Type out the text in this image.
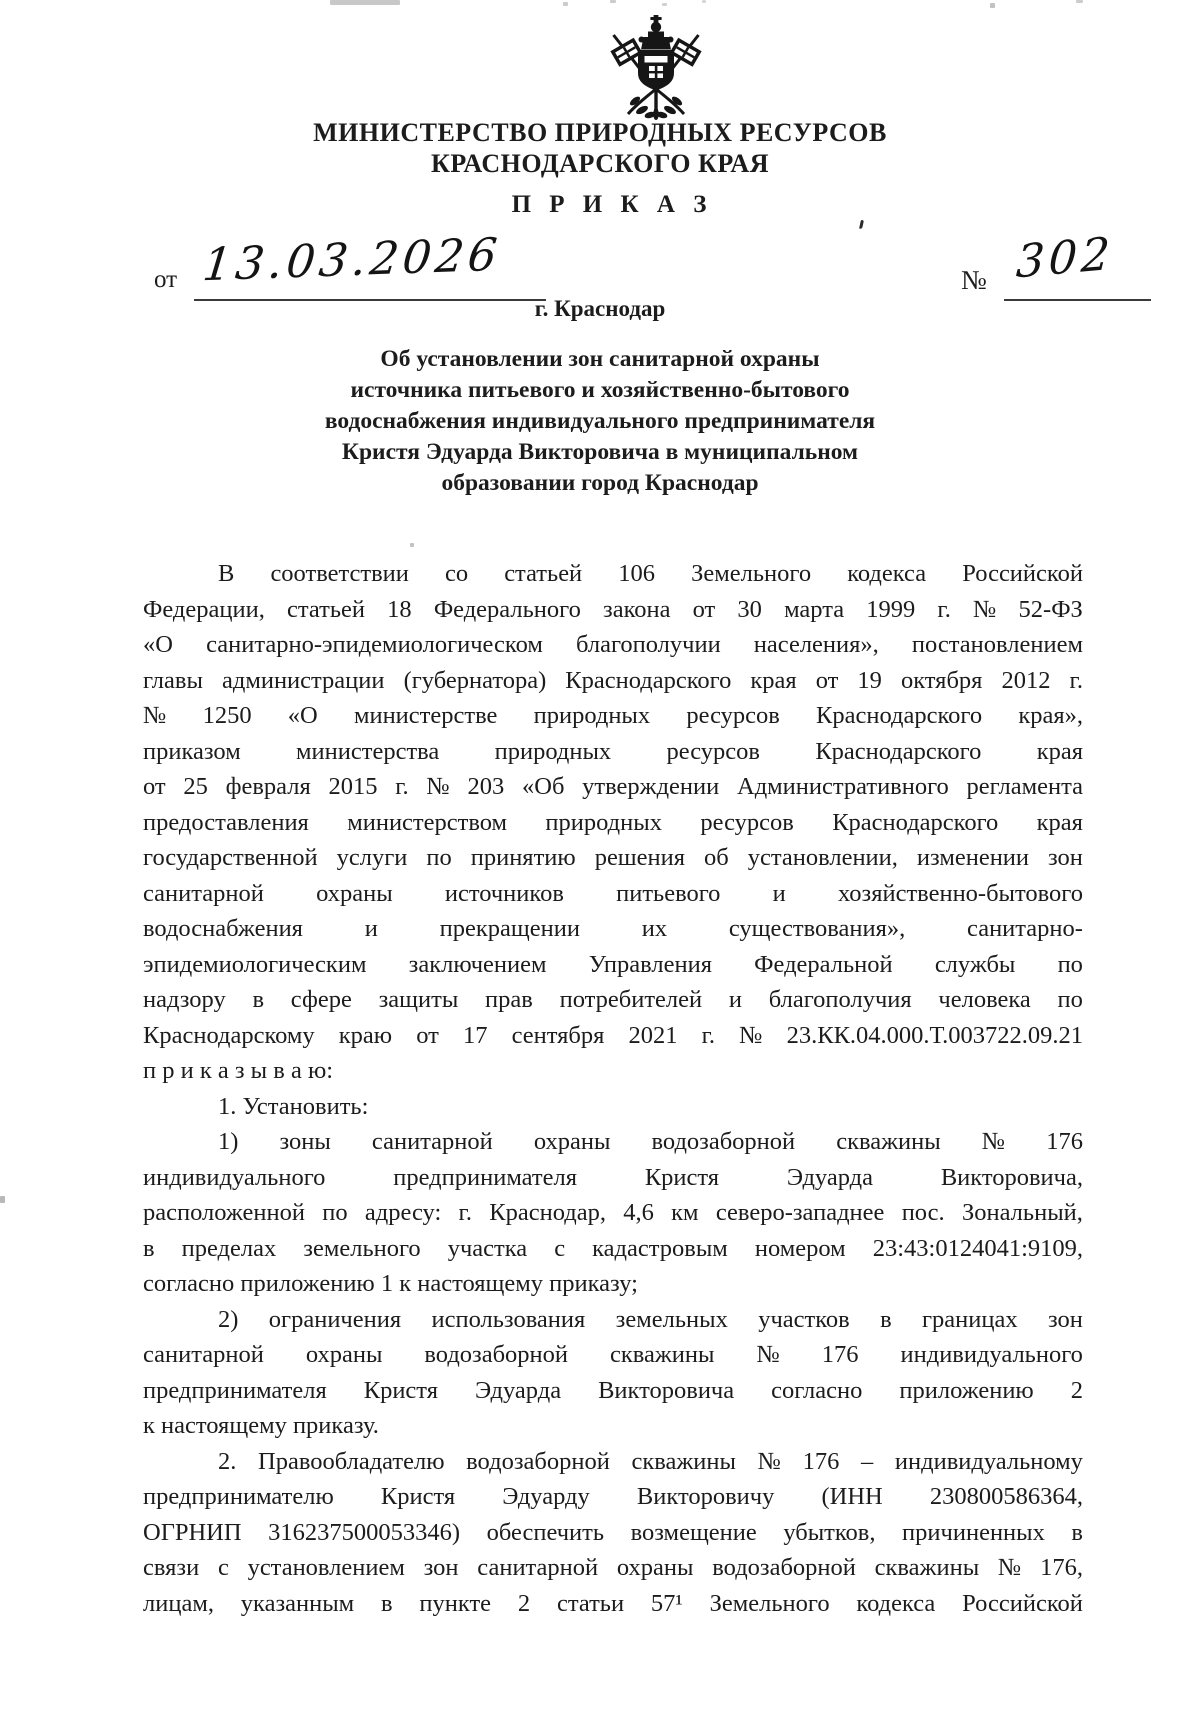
МИНИСТЕРСТВО ПРИРОДНЫХ РЕСУРСОВ
КРАСНОДАРСКОГО КРАЯ
П Р И К А З
от 13.03.2026	№ 302
г. Краснодар
Об установлении зон санитарной охраны
источника питьевого и хозяйственно-бытового
водоснабжения индивидуального предпринимателя
Кристя Эдуарда Викторовича в муниципальном
образовании город Краснодар
В соответствии со статьей 106 Земельного кодекса Российской
Федерации, статьей 18 Федерального закона от 30 марта 1999 г. № 52-ФЗ
«О санитарно-эпидемиологическом благополучии населения», постановлением
главы администрации (губернатора) Краснодарского края от 19 октября 2012 г.
№ 1250 «О министерстве природных ресурсов Краснодарского края»,
приказом министерства природных ресурсов Краснодарского края
от 25 февраля 2015 г. № 203 «Об утверждении Административного регламента
предоставления министерством природных ресурсов Краснодарского края
государственной услуги по принятию решения об установлении, изменении зон
санитарной охраны источников питьевого и хозяйственно-бытового
водоснабжения	и	прекращении	их	существования»,	санитарно-
эпидемиологическим заключением Управления Федеральной службы по
надзору в сфере защиты прав потребителей и благополучия человека по
Краснодарскому краю от 17 сентября 2021 г. № 23.КК.04.000.Т.003722.09.21
п р и к а з ы в а ю:
1. Установить:
1) зоны санитарной охраны водозаборной скважины № 176
индивидуального	предпринимателя	Кристя	Эдуарда	Викторовича,
расположенной по адресу: г. Краснодар, 4,6 км северо-западнее пос. Зональный,
в пределах земельного участка с кадастровым номером 23:43:0124041:9109,
согласно приложению 1 к настоящему приказу;
2) ограничения использования земельных участков в границах зон
санитарной охраны водозаборной скважины № 176 индивидуального
предпринимателя Кристя Эдуарда Викторовича согласно приложению 2
к настоящему приказу.
2. Правообладателю водозаборной скважины № 176 – индивидуальному
предпринимателю Кристя Эдуарду Викторовичу (ИНН 230800586364,
ОГРНИП 316237500053346) обеспечить возмещение убытков, причиненных в
связи с установлением зон санитарной охраны водозаборной скважины № 176,
лицам, указанным в пункте 2 статьи 57¹ Земельного кодекса Российской
